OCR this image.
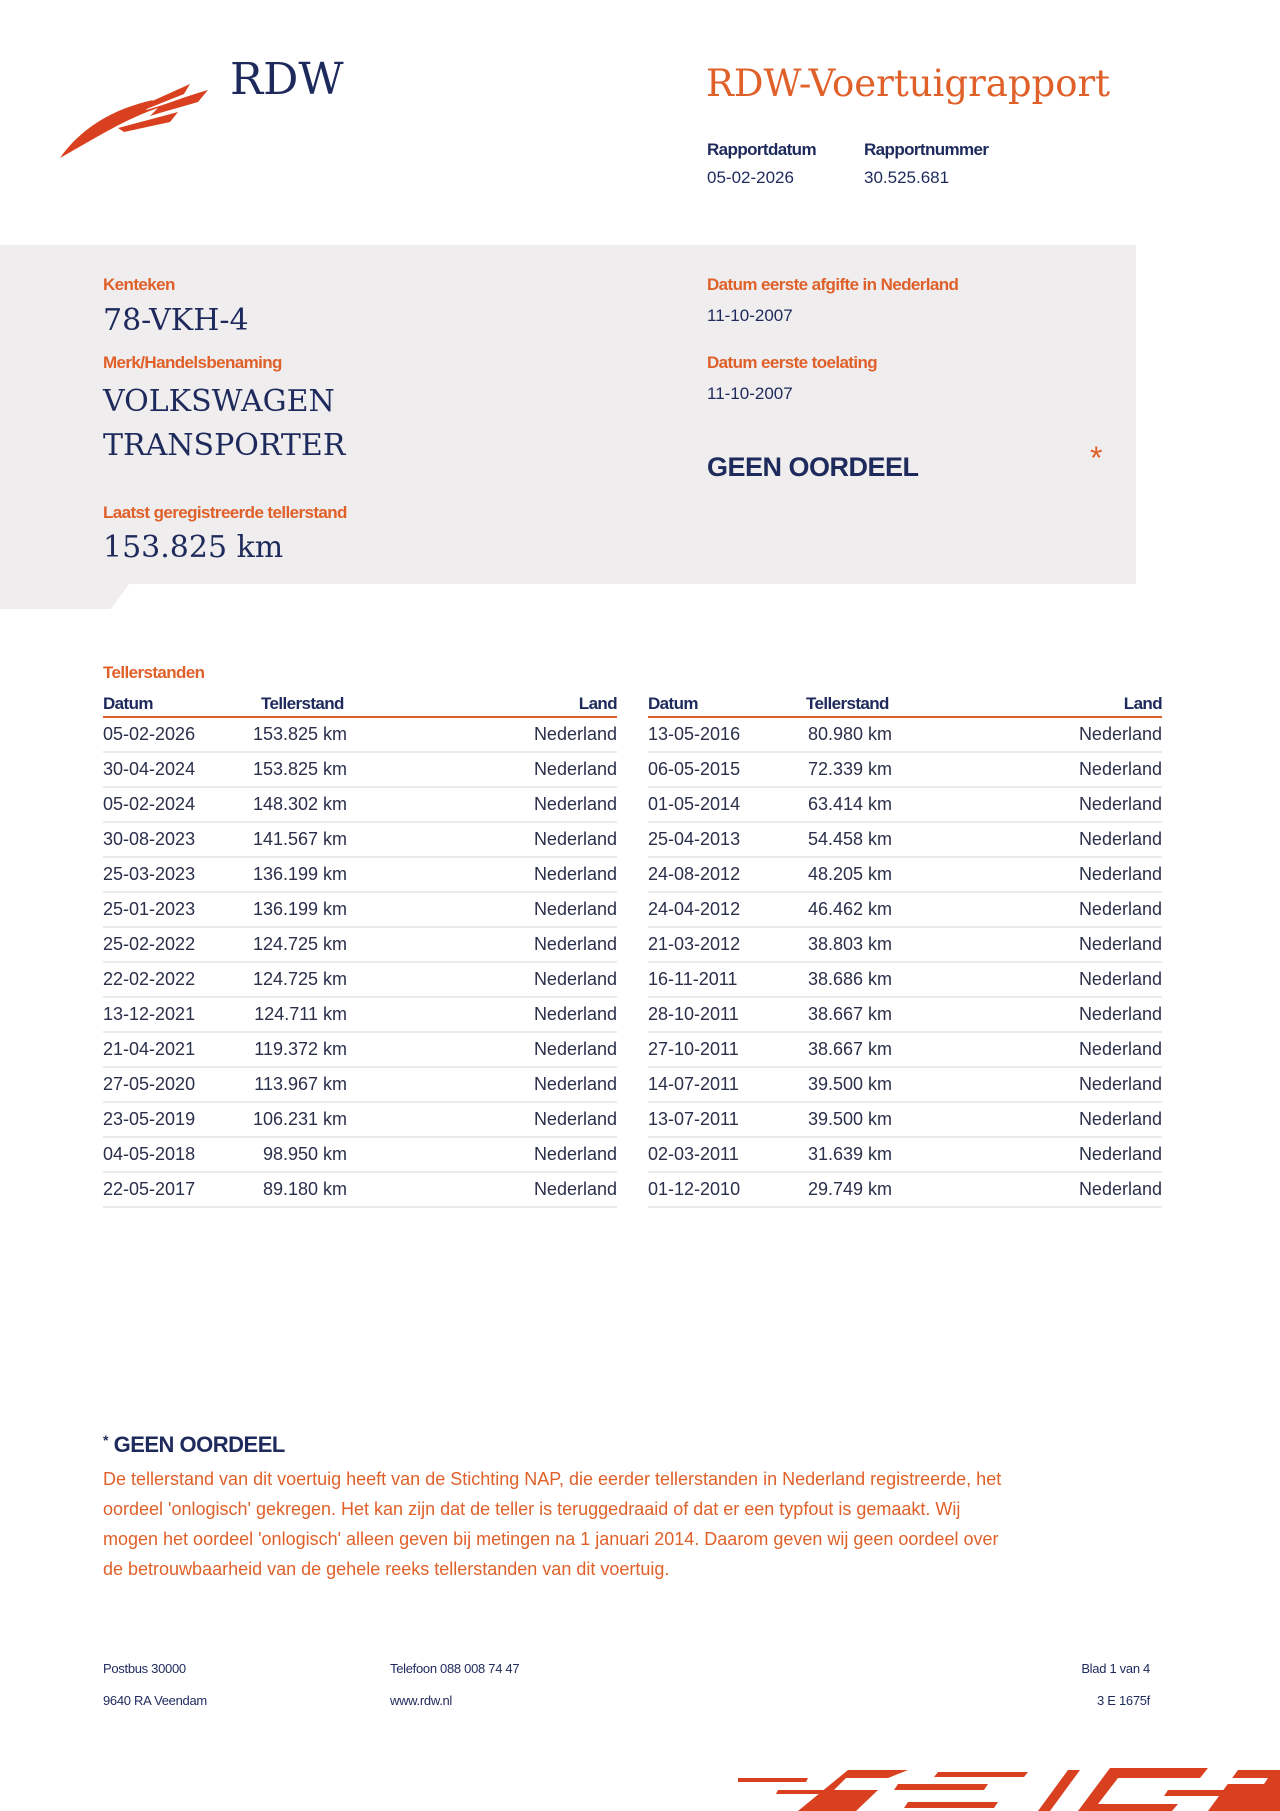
RDW	RDW-Voertuigrapport
Rapportdatum
05-02-2026
Rapportnummer
30.525.681
Kenteken
78-VKH-4
Merk/Handelsbenaming
VOLKSWAGEN
TRANSPORTER
Laatst geregistreerde tellerstand
153.825 km
Datum eerste afgifte in Nederland
11-10-2007
Datum eerste toelating
11-10-2007
GEEN OORDEEL	*
Tellerstanden
Datum	Tellerstand	Land
05-02-2026	153.825 km	Nederland
30-04-2024	153.825 km	Nederland
05-02-2024	148.302 km	Nederland
30-08-2023	141.567 km	Nederland
25-03-2023	136.199 km	Nederland
25-01-2023	136.199 km	Nederland
25-02-2022	124.725 km	Nederland
22-02-2022	124.725 km	Nederland
13-12-2021	124.711 km	Nederland
21-04-2021	119.372 km	Nederland
27-05-2020	113.967 km	Nederland
23-05-2019	106.231 km	Nederland
04-05-2018	98.950 km	Nederland
22-05-2017	89.180 km	Nederland
Datum	Tellerstand	Land
13-05-2016	80.980 km	Nederland
06-05-2015	72.339 km	Nederland
01-05-2014	63.414 km	Nederland
25-04-2013	54.458 km	Nederland
24-08-2012	48.205 km	Nederland
24-04-2012	46.462 km	Nederland
21-03-2012	38.803 km	Nederland
16-11-2011	38.686 km	Nederland
28-10-2011	38.667 km	Nederland
27-10-2011	38.667 km	Nederland
14-07-2011	39.500 km	Nederland
13-07-2011	39.500 km	Nederland
02-03-2011	31.639 km	Nederland
01-12-2010	29.749 km	Nederland
* GEEN OORDEEL
De tellerstand van dit voertuig heeft van de Stichting NAP, die eerder tellerstanden in Nederland registreerde, het
oordeel 'onlogisch' gekregen. Het kan zijn dat de teller is teruggedraaid of dat er een typfout is gemaakt. Wij
mogen het oordeel 'onlogisch' alleen geven bij metingen na 1 januari 2014. Daarom geven wij geen oordeel over
de betrouwbaarheid van de gehele reeks tellerstanden van dit voertuig.
Postbus 30000
9640 RA Veendam
Telefoon 088 008 74 47
www.rdw.nl
Blad 1 van 4
3 E 1675f
